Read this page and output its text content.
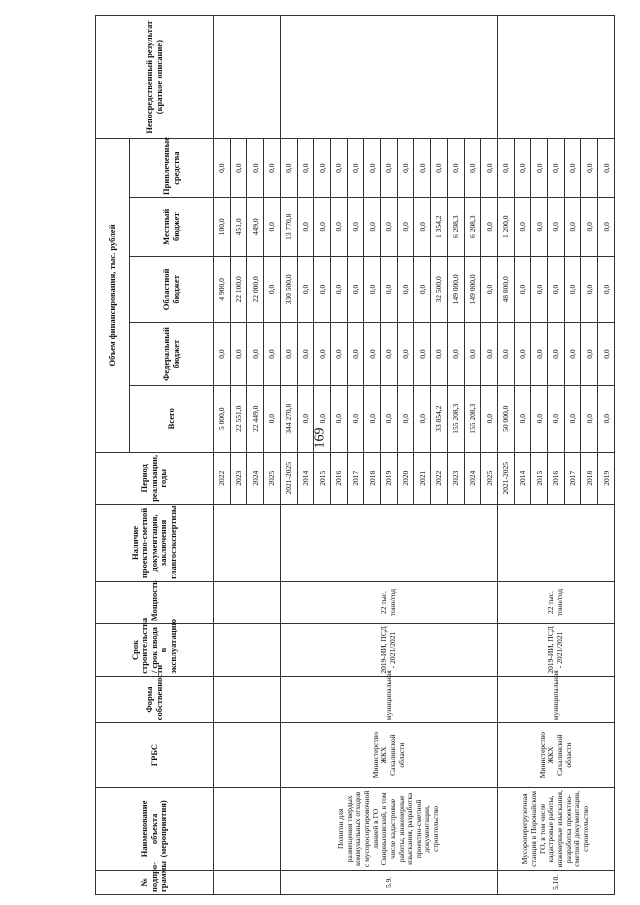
169
№ подпро-граммы	Наименование объекта (мероприятия)	ГРБС	Форма собственности	Срок строительства / срок ввода в эксплуатацию	Мощность	Наличие проектно-сметной документации, заключения главгосэкспертизы	Период реализации, годы	Объем финансирования, тыс. рублей					Непосредственный результат (краткое описание)
								Всего	Федеральный бюджет	Областной бюджет	Местный бюджет	Привлеченные средства	
							2022	5 000,0	0,0	4 900,0	100,0	0,0	
							2023	22 551,0	0,0	22 100,0	451,0	0,0	
							2024	22 449,0	0,0	22 000,0	449,0	0,0	
							2025	0,0	0,0	0,0	0,0	0,0	
5.9.	Полигон для размещения твердых коммунальных отходов с мусоросортировочной линией в ГО Смирныховский, в том числе кадастровые работы, инженерные изыскания, разработка проектно-сметной документации, строительство	Министерство ЖКХ Сахалинской области	муниципальная	2019-ИИ, ПСД - 2021/2021	22 тыс. тонн/год		2021-2025	344 270,8	0,0	330 500,0	13 770,8	0,0	
							2014	0,0	0,0	0,0	0,0	0,0	
							2015	0,0	0,0	0,0	0,0	0,0	
							2016	0,0	0,0	0,0	0,0	0,0	
							2017	0,0	0,0	0,0	0,0	0,0	
							2018	0,0	0,0	0,0	0,0	0,0	
							2019	0,0	0,0	0,0	0,0	0,0	
							2020	0,0	0,0	0,0	0,0	0,0	
							2021	0,0	0,0	0,0	0,0	0,0	
							2022	33 854,2	0,0	32 500,0	1 354,2	0,0	
							2023	155 208,3	0,0	149 000,0	6 208,3	0,0	
							2024	155 208,3	0,0	149 000,0	6 208,3	0,0	
							2025	0,0	0,0	0,0	0,0	0,0	
5.10.	Мусороперегрузочная станция в Поронайском ГО, в том числе кадастровые работы, инженерные изыскания, разработка проектно-сметной документации, строительство	Министерство ЖКХ Сахалинской области	муниципальная	2019-ИИ, ПСД - 2021/2021	22 тыс. тонн/год		2021-2025	50 000,0	0,0	48 800,0	1 200,0	0,0	
							2014	0,0	0,0	0,0	0,0	0,0	
							2015	0,0	0,0	0,0	0,0	0,0	
							2016	0,0	0,0	0,0	0,0	0,0	
							2017	0,0	0,0	0,0	0,0	0,0	
							2018	0,0	0,0	0,0	0,0	0,0	
							2019	0,0	0,0	0,0	0,0	0,0	
